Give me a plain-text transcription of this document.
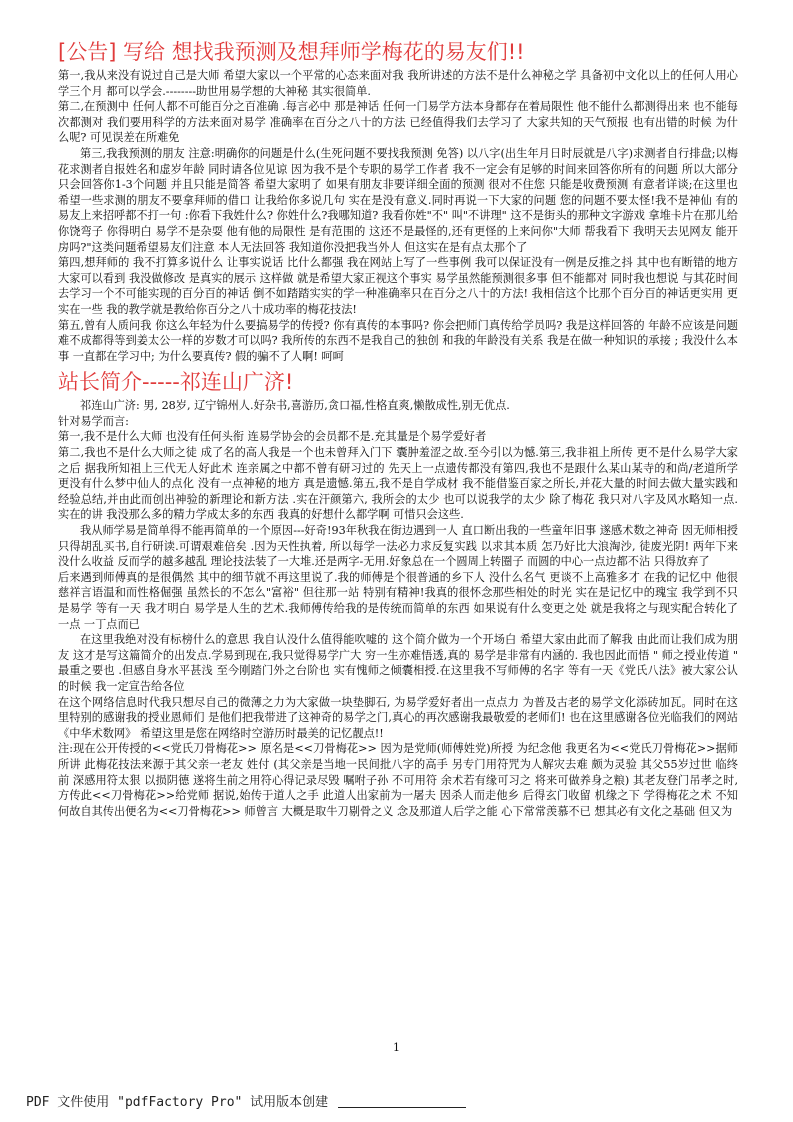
[公告] 写给 想找我预测及想拜师学梅花的易友们!!

第一,我从来没有说过自己是大师 希望大家以一个平常的心态来面对我 我所讲述的方法不是什么神秘之学 具备初中文化以上的任何人用心学三个月 都可以学会.--------助世用易学想的大神秘 其实很简单.

第二,在预测中 任何人都不可能百分之百准确 .每言必中 那是神话 任何一门易学方法本身都存在着局限性 他不能什么都测得出来 也不能每次都测对 我们要用科学的方法来面对易学 准确率在百分之八十的方法 已经值得我们去学习了 大家共知的天气预报 也有出错的时候 为什么呢? 可见误差在所难免

第三,我我预测的朋友 注意:明确你的问题是什么(生死问题不要找我预测 免答) 以八字(出生年月日时辰就是八字)求测者自行排盘;以梅花求测者自报姓名和虚岁年龄 同时请各位见谅 因为我不是个专职的易学工作者 我不一定会有足够的时间来回答你所有的问题 所以大部分只会回答你1-3个问题 并且只能是简答 希望大家明了 如果有朋友非要详细全面的预测 很对不住您 只能是收费预测 有意者详谈;在这里也希望一些求测的朋友不要拿拜师的借口 让我给你多说几句 实在是没有意义.同时再说一下大家的问题 您的问题不要太怪!我不是神仙 有的易友上来招呼都不打一句 :你看下我姓什么? 你姓什么?我哪知道? 我看你姓"不" 叫"不讲理" 这不是街头的那种文字游戏 拿堆卡片在那儿给你饶弯子 你得明白 易学不是杂耍 他有他的局限性 是有范围的 这还不是最怪的,还有更怪的上来问你"大师 帮我看下 我明天去见网友 能开房吗?"这类问题希望易友们注意 本人无法回答 我知道你没把我当外人 但这实在是有点太那个了

第四,想拜师的 我不打算多说什么 让事实说话 比什么都强 我在网站上写了一些事例 我可以保证没有一例是反推之抖 其中也有断错的地方 大家可以看到 我没做修改 是真实的展示 这样做 就是希望大家正视这个事实 易学虽然能预测很多事 但不能都对 同时我也想说 与其花时间去学习一个不可能实现的百分百的神话 倒不如踏踏实实的学一种准确率只在百分之八十的方法! 我相信这个比那个百分百的神话更实用 更实在一些 我的教学就是教给你百分之八十成功率的梅花技法!

第五,曾有人质问我 你这么年轻为什么要搞易学的传授? 你有真传的本事吗? 你会把师门真传给学员吗? 我是这样回答的 年龄不应该是问题 难不成都得等到姜太公一样的岁数才可以吗? 我所传的东西不是我自己的独创 和我的年龄没有关系 我是在做一种知识的承接 ; 我没什么本事 一直都在学习中; 为什么要真传? 假的骗不了人啊! 呵呵

站长简介-----祁连山广济!

祁连山广济: 男, 28岁, 辽宁锦州人.好杂书,喜游历,贪口福,性格直爽,懒散成性,别无优点.

针对易学而言:

第一,我不是什么大师 也没有任何头衔 连易学协会的会员都不是.充其量是个易学爱好者

第二,我也不是什么大师之徒 成了名的高人我是一个也未曾拜入门下 囊肿羞涩之故.至今引以为憾.第三,我非祖上所传 更不是什么易学大家之后 据我所知祖上三代无人好此术 连亲属之中都不曾有研习过的 先天上一点遗传都没有第四,我也不是跟什么某山某寺的和尚/老道所学 更没有什么梦中仙人的点化 没有一点神秘的地方 真是遗憾.第五,我不是自学成材 我不能借鉴百家之所长,并花大量的时间去做大量实践和经验总结,并由此而创出神验的新理论和新方法 .实在汗颜第六, 我所会的太少 也可以说我学的太少 除了梅花 我只对八字及风水略知一点.实在的讲 我没那么多的精力学成太多的东西 我真的好想什么都学啊 可惜只会这些.

我从师学易是简单得不能再简单的一个原因---好奇!93年秋我在街边遇到一人 直口断出我的一些童年旧事 遂感术数之神奇 因无师相授只得胡乱买书,自行研读.可谓艰难倍矣 .因为天性执着, 所以每学一法必力求反复实践 以求其本质 怎乃好比大浪淘沙, 徒废光阴! 两年下来没什么收益 反而学的越多越乱 理论技法装了一大堆.还是两字-无用.好象总在一个圆周上转圈子 而圆的中心一点边都不沾 只得放弃了

后来遇到师傅真的是很偶然 其中的细节就不再这里说了.我的师傅是个很普通的乡下人 没什么名气 更谈不上高雅多才 在我的记忆中 他很慈祥言语温和而性格倔强 虽然长的不怎么"富裕" 但往那一站 特别有精神!我真的很怀念那些相处的时光 实在是记忆中的瑰宝 我学到不只是易学 等有一天 我才明白 易学是人生的艺术.我师傅传给我的是传统而简单的东西 如果说有什么变更之处 就是我将之与现实配合转化了一点 一丁点而已

在这里我绝对没有标榜什么的意思 我自认没什么值得能吹嘘的 这个简介做为一个开场白 希望大家由此而了解我 由此而让我们成为朋友 这才是写这篇简介的出发点.学易到现在,我只觉得易学广大 穷一生亦难悟透,真的 易学是非常有内涵的. 我也因此而悟 " 师之授业传道 " 最重之要也 .但感自身水平甚浅 至今刚踏门外之台阶也 实有愧师之倾囊相授.在这里我不写师傅的名字 等有一天《党氏八法》被大家公认的时候 我一定宣告给各位

在这个网络信息时代我只想尽自己的微薄之力为大家做一块垫脚石, 为易学爱好者出一点点力 为普及古老的易学文化添砖加瓦。同时在这里特别的感谢我的授业恩师们 是他们把我带进了这神奇的易学之门,真心的再次感谢我最敬爱的老师们! 也在这里感谢各位光临我们的网站《中华术数网》 希望这里是您在网络时空游历时最美的记忆靓点!!

注:现在公开传授的<<党氏刀骨梅花>> 原名是<<刀骨梅花>> 因为是党师(师傅姓党)所授 为纪念他 我更名为<<党氏刀骨梅花>>据师所讲 此梅花技法来源于其父亲一老友 姓付 (其父亲是当地一民间批八字的高手 另专门用符咒为人解灾去难 颇为灵验 其父55岁过世 临终前 深感用符太狠 以损阴德 遂将生前之用符心得记录尽毁 嘱咐子孙 不可用符 余术若有缘可习之 将来可做养身之粮) 其老友登门吊孝之时,方传此<<刀骨梅花>>给党师 据说,始传于道人之手 此道人出家前为一屠夫 因杀人而走他乡 后得玄门收留 机缘之下 学得梅花之术 不知何故自其传出便名为<<刀骨梅花>> 师曾言 大概是取牛刀剔骨之义 念及那道人后学之能 心下常常羡慕不已 想其必有文化之基础 但又为

1
PDF 文件使用 "pdfFactory Pro" 试用版本创建
